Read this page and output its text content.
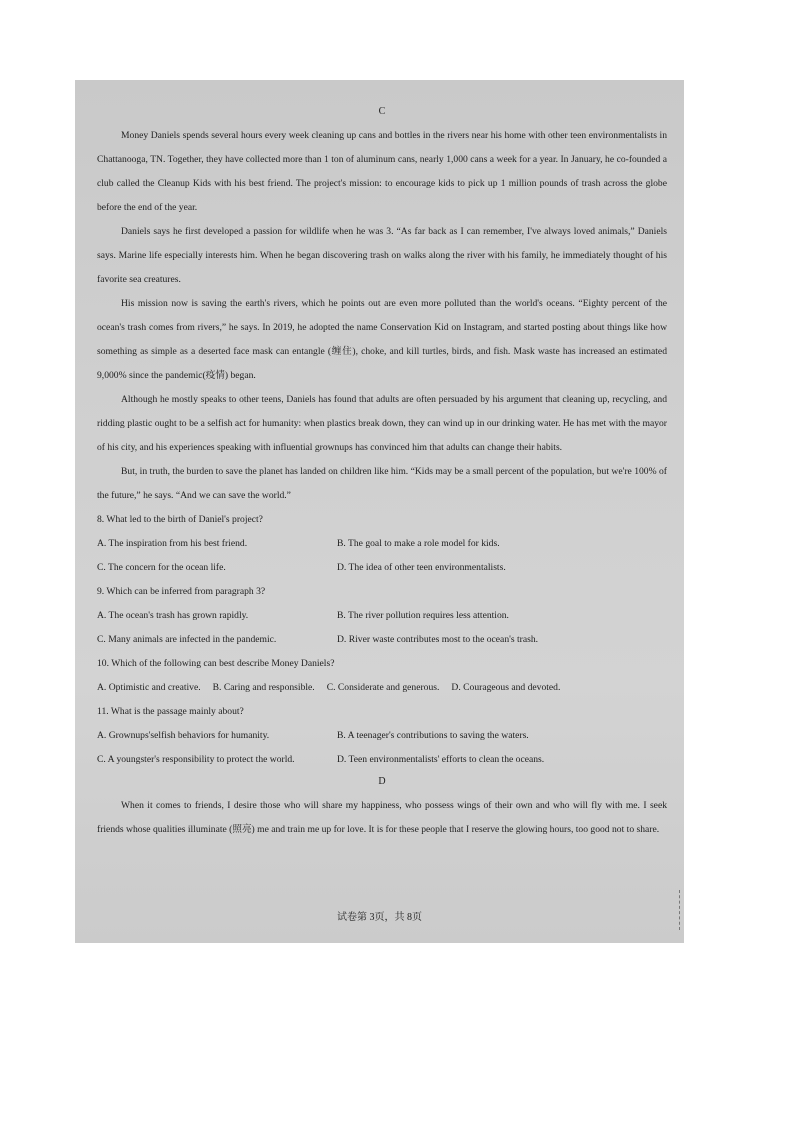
C

Money Daniels spends several hours every week cleaning up cans and bottles in the rivers near his home with other teen environmentalists in Chattanooga, TN. Together, they have collected more than 1 ton of aluminum cans, nearly 1,000 cans a week for a year. In January, he co-founded a club called the Cleanup Kids with his best friend. The project's mission: to encourage kids to pick up 1 million pounds of trash across the globe before the end of the year.

Daniels says he first developed a passion for wildlife when he was 3. “As far back as I can remember, I've always loved animals,” Daniels says. Marine life especially interests him. When he began discovering trash on walks along the river with his family, he immediately thought of his favorite sea creatures.

His mission now is saving the earth's rivers, which he points out are even more polluted than the world's oceans. “Eighty percent of the ocean's trash comes from rivers,” he says. In 2019, he adopted the name Conservation Kid on Instagram, and started posting about things like how something as simple as a deserted face mask can entangle (缠住), choke, and kill turtles, birds, and fish. Mask waste has increased an estimated 9,000% since the pandemic(疫情) began.

Although he mostly speaks to other teens, Daniels has found that adults are often persuaded by his argument that cleaning up, recycling, and ridding plastic ought to be a selfish act for humanity: when plastics break down, they can wind up in our drinking water. He has met with the mayor of his city, and his experiences speaking with influential grownups has convinced him that adults can change their habits.

But, in truth, the burden to save the planet has landed on children like him. “Kids may be a small percent of the population, but we're 100% of the future,” he says. “And we can save the world.”

8. What led to the birth of Daniel's project?

A. The inspiration from his best friend.	B. The goal to make a role model for kids.
C. The concern for the ocean life.	D. The idea of other teen environmentalists.

9. Which can be inferred from paragraph 3?

A. The ocean's trash has grown rapidly.	B. The river pollution requires less attention.
C. Many animals are infected in the pandemic.	D. River waste contributes most to the ocean's trash.

10. Which of the following can best describe Money Daniels?

A. Optimistic and creative. B. Caring and responsible. C. Considerate and generous. D. Courageous and devoted.

11. What is the passage mainly about?

A. Grownups'selfish behaviors for humanity.	B. A teenager's contributions to saving the waters.
C. A youngster's responsibility to protect the world.	D. Teen environmentalists' efforts to clean the oceans.
D

When it comes to friends, I desire those who will share my happiness, who possess wings of their own and who will fly with me. I seek friends whose qualities illuminate (照亮) me and train me up for love. It is for these people that I reserve the glowing hours, too good not to share.

试卷第 3页，共 8页
